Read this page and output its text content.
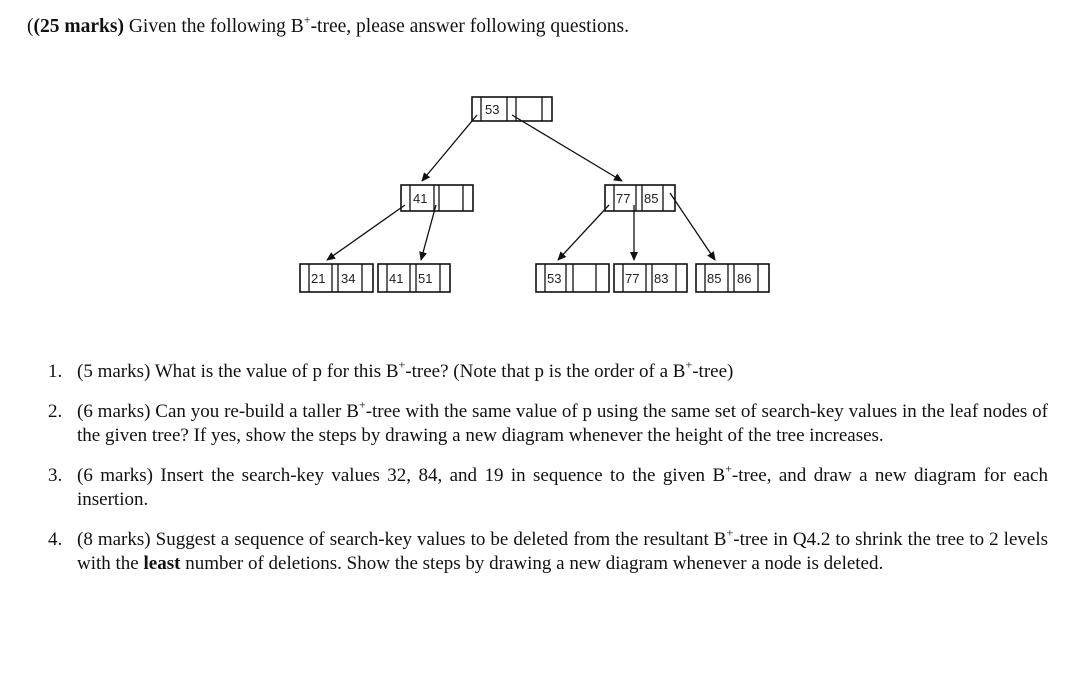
((25 marks) Given the following B+-tree, please answer following questions.
53
41	77 85
21 34	41 51	53	77 83	85 86
1. (5 marks) What is the value of p for this B+-tree? (Note that p is the order of a B+-tree)
2. (6 marks) Can you re-build a taller B+-tree with the same value of p using the same set of search-key values in the leaf nodes of the given tree? If yes, show the steps by drawing a new diagram whenever the height of the tree increases.
3. (6 marks) Insert the search-key values 32, 84, and 19 in sequence to the given B+-tree, and draw a new diagram for each insertion.
4. (8 marks) Suggest a sequence of search-key values to be deleted from the resultant B+-tree in Q4.2 to shrink the tree to 2 levels with the least number of deletions. Show the steps by drawing a new diagram whenever a node is deleted.
